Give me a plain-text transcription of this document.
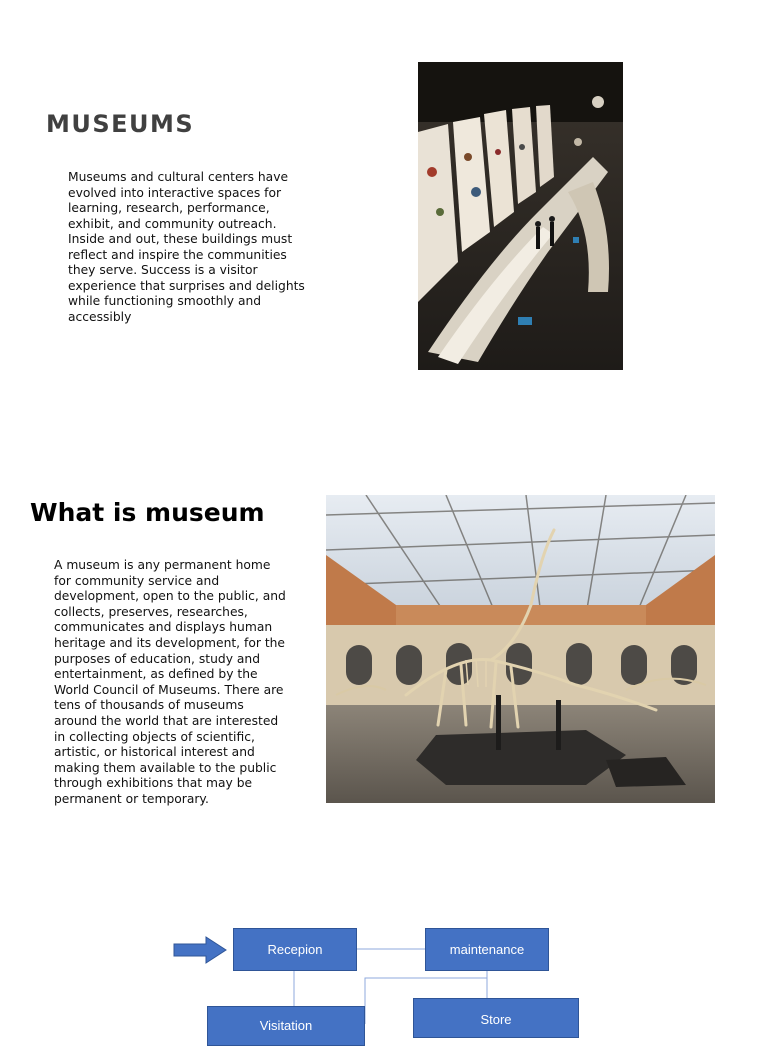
MUSEUMS
Museums and cultural centers have evolved into interactive spaces for learning, research, performance, exhibit, and community outreach. Inside and out, these buildings must reflect and inspire the communities they serve. Success is a visitor experience that surprises and delights while functioning smoothly and accessibly
What is museum
A museum is any permanent home for community service and development, open to the public, and collects, preserves, researches, communicates and displays human heritage and its development, for the purposes of education, study and entertainment, as defined by the World Council of Museums. There are tens of thousands of museums around the world that are interested in collecting objects of scientific, artistic, or historical interest and making them available to the public through exhibitions that may be permanent or temporary.
Recepion	maintenance
Store
Visitation
